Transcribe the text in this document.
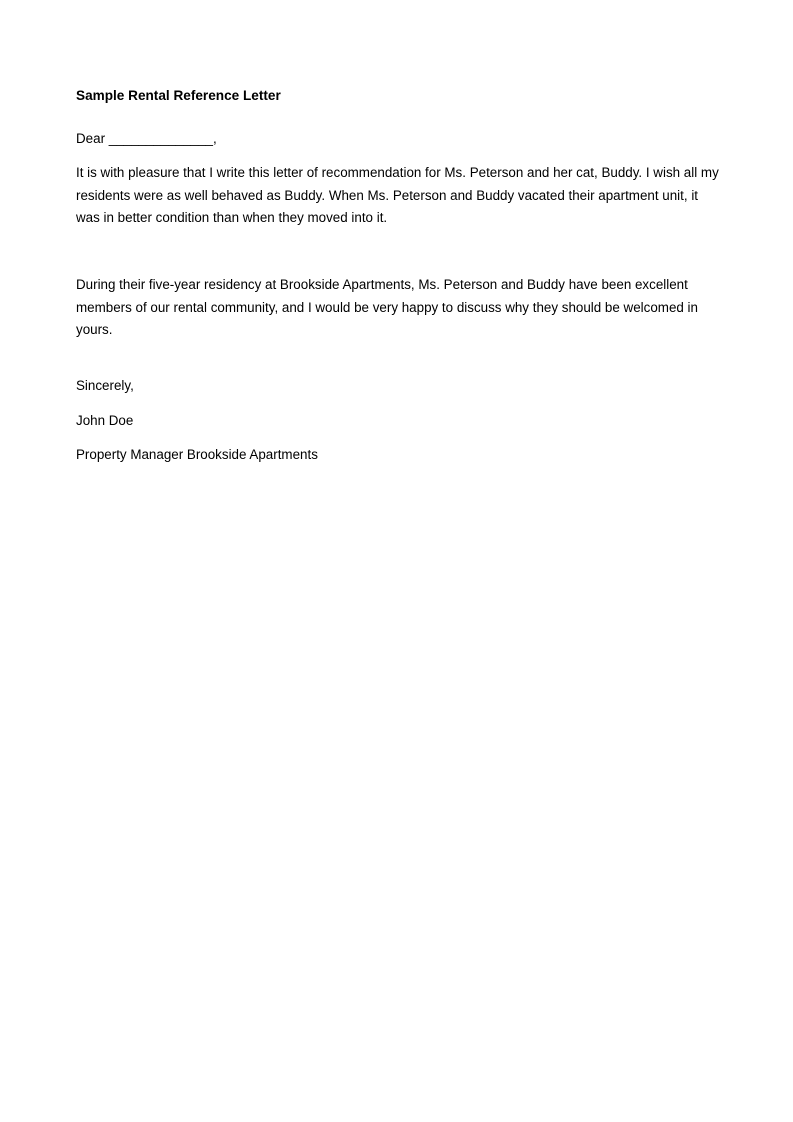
Sample Rental Reference Letter

Dear ______________,

It is with pleasure that I write this letter of recommendation for Ms. Peterson and her cat, Buddy. I wish all my
residents were as well behaved as Buddy. When Ms. Peterson and Buddy vacated their apartment unit, it
was in better condition than when they moved into it.

During their five-year residency at Brookside Apartments, Ms. Peterson and Buddy have been excellent
members of our rental community, and I would be very happy to discuss why they should be welcomed in
yours.

Sincerely,

John Doe

Property Manager Brookside Apartments
